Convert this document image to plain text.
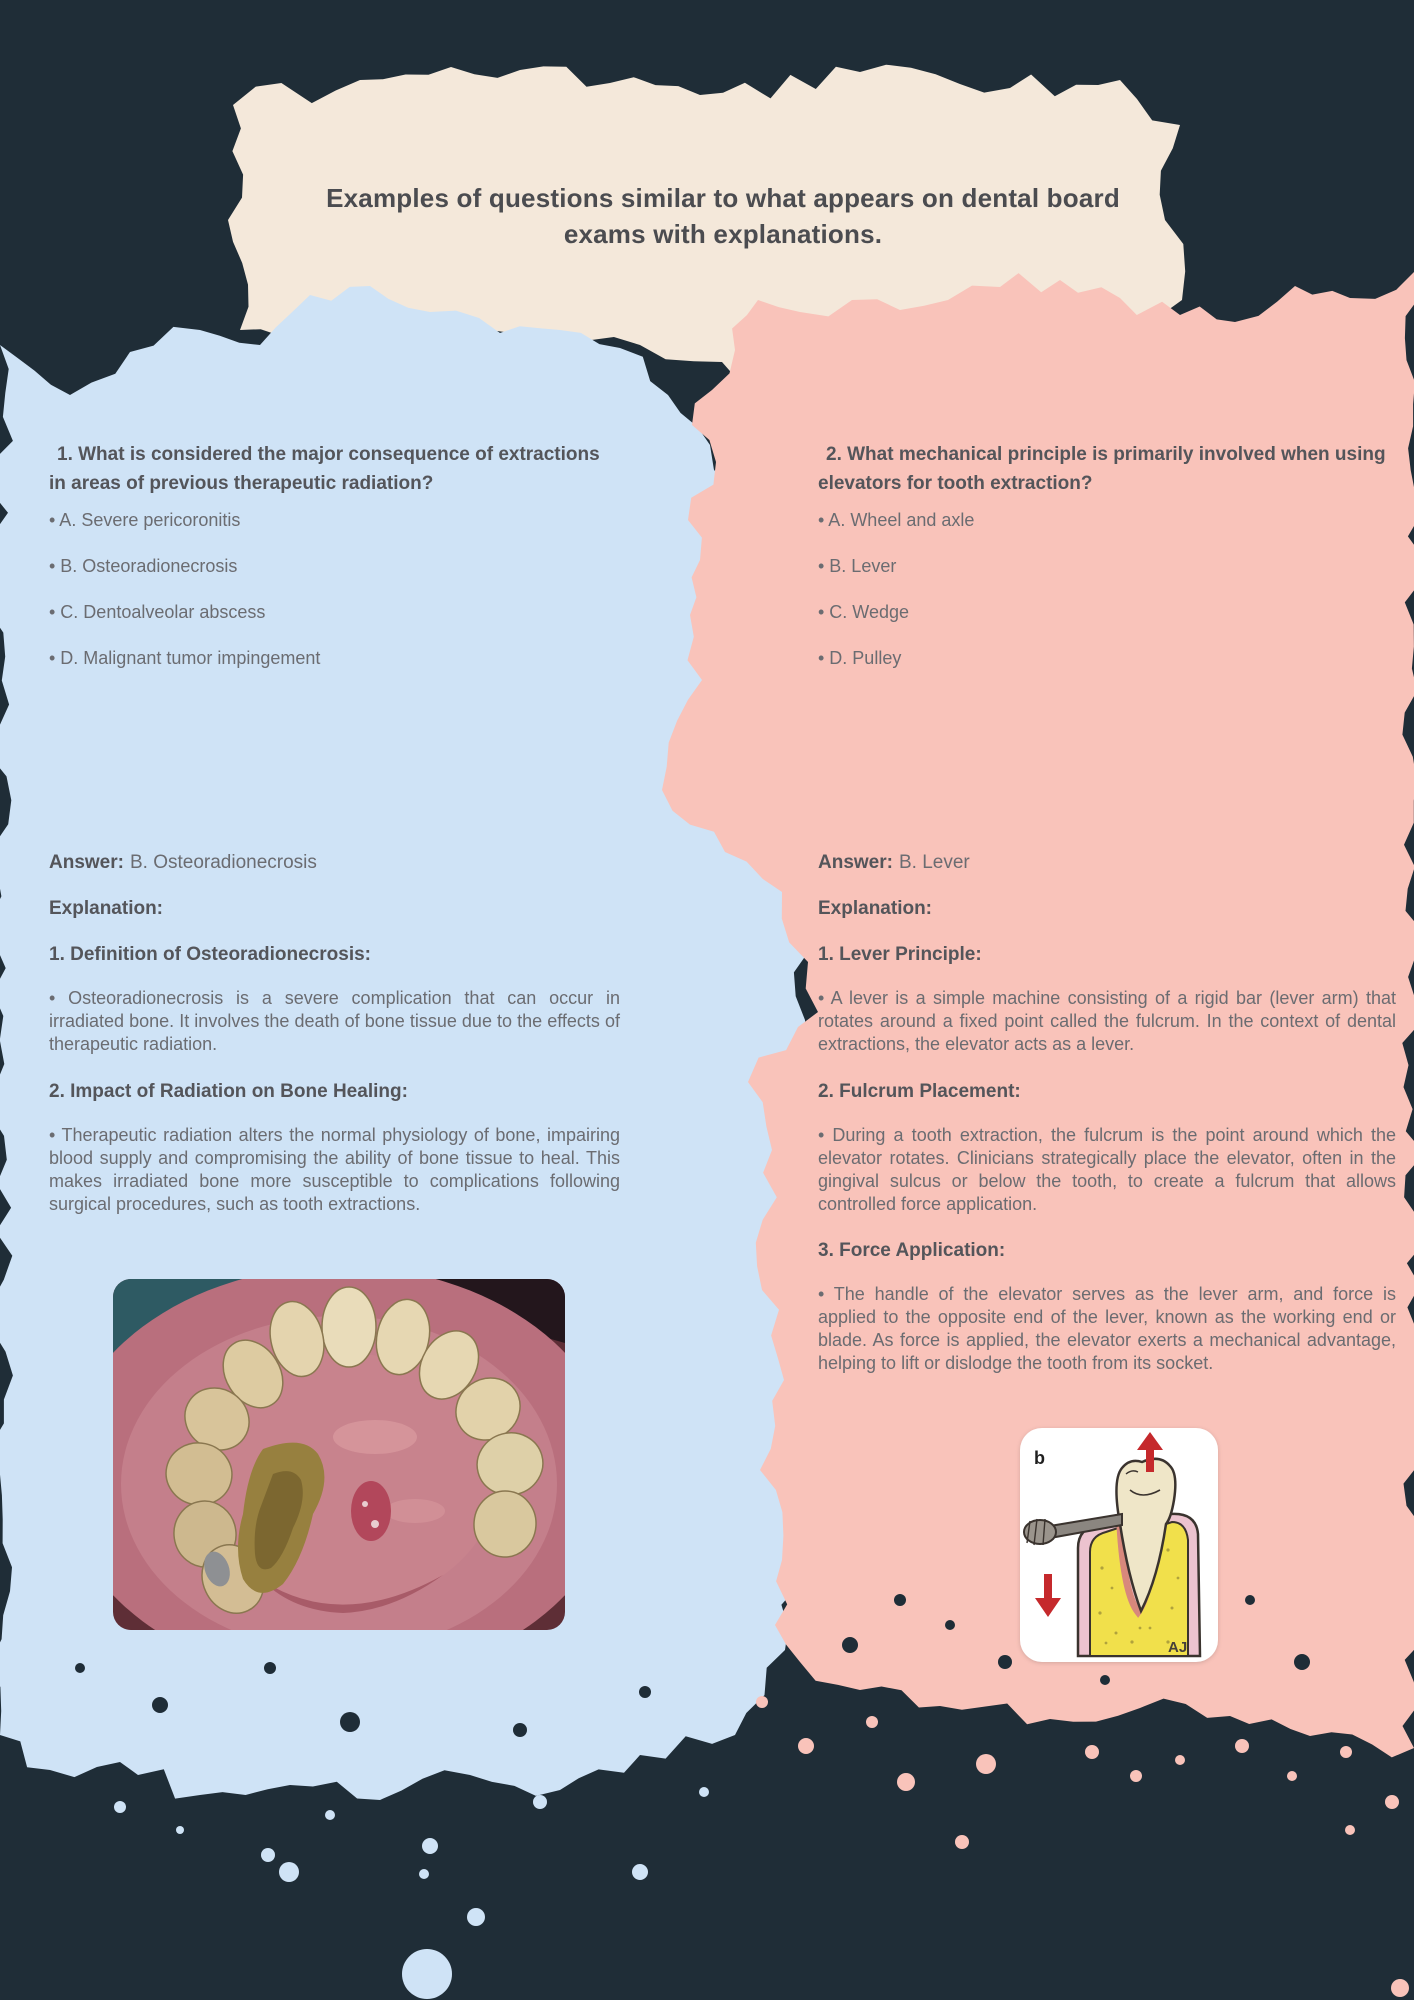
Examples of questions similar to what appears on dental board exams with explanations.
1. What is considered the major consequence of extractions in areas of previous therapeutic radiation?
• A. Severe pericoronitis
• B. Osteoradionecrosis
• C. Dentoalveolar abscess
• D. Malignant tumor impingement
Answer: B. Osteoradionecrosis
Explanation:
1. Definition of Osteoradionecrosis:
• Osteoradionecrosis is a severe complication that can occur in irradiated bone. It involves the death of bone tissue due to the effects of therapeutic radiation.
2. Impact of Radiation on Bone Healing:
• Therapeutic radiation alters the normal physiology of bone, impairing blood supply and compromising the ability of bone tissue to heal. This makes irradiated bone more susceptible to complications following surgical procedures, such as tooth extractions.
2. What mechanical principle is primarily involved when using elevators for tooth extraction?
• A. Wheel and axle
• B. Lever
• C. Wedge
• D. Pulley
Answer: B. Lever
Explanation:
1. Lever Principle:
• A lever is a simple machine consisting of a rigid bar (lever arm) that rotates around a fixed point called the fulcrum. In the context of dental extractions, the elevator acts as a lever.
2. Fulcrum Placement:
• During a tooth extraction, the fulcrum is the point around which the elevator rotates. Clinicians strategically place the elevator, often in the gingival sulcus or below the tooth, to create a fulcrum that allows controlled force application.
3. Force Application:
• The handle of the elevator serves as the lever arm, and force is applied to the opposite end of the lever, known as the working end or blade. As force is applied, the elevator exerts a mechanical advantage, helping to lift or dislodge the tooth from its socket.
b
AJ
